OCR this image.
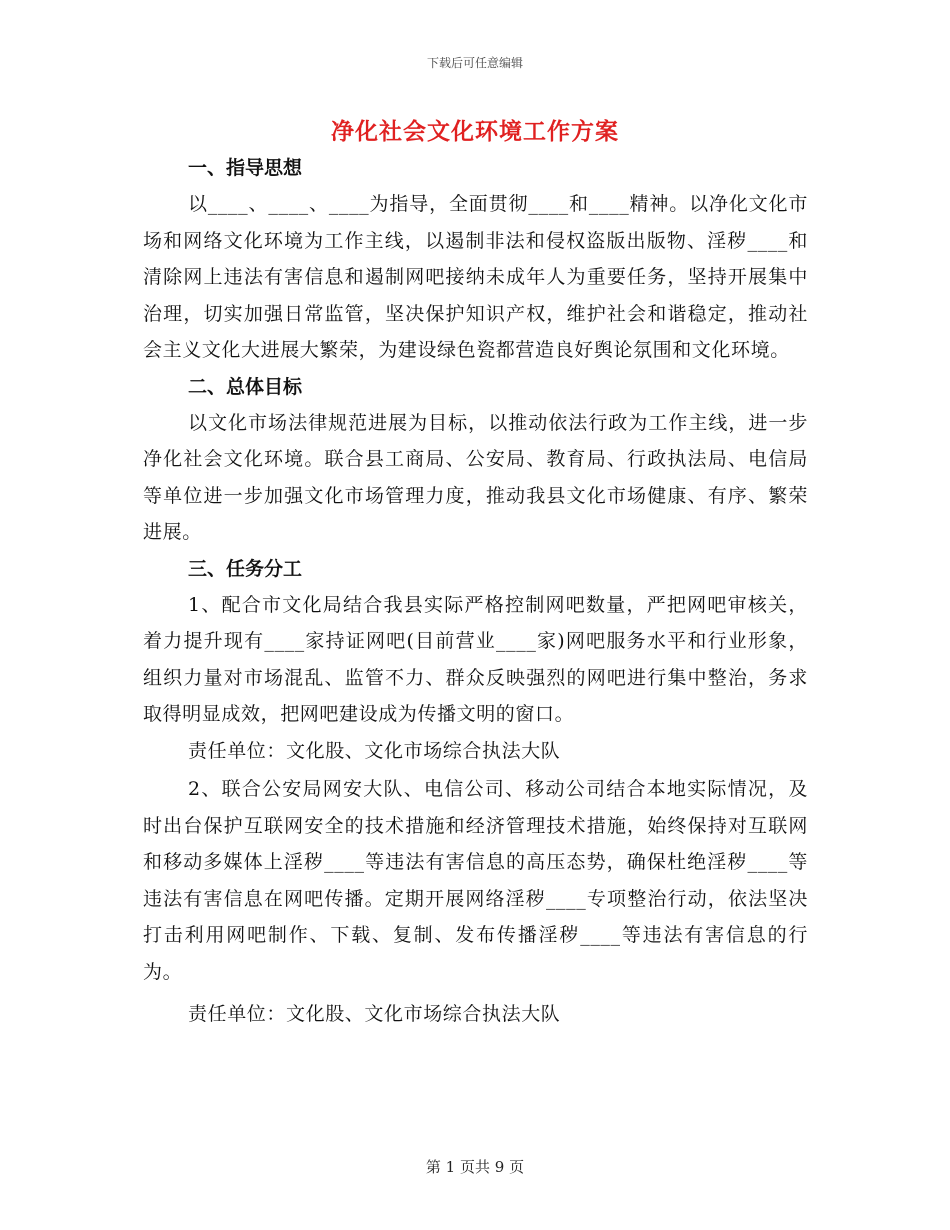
下载后可任意编辑
净化社会文化环境工作方案
一、指导思想

以____、____、____为指导，全面贯彻____和____精神。以净化文化市场和网络文化环境为工作主线，以遏制非法和侵权盗版出版物、淫秽____和清除网上违法有害信息和遏制网吧接纳未成年人为重要任务，坚持开展集中治理，切实加强日常监管，坚决保护知识产权，维护社会和谐稳定，推动社会主义文化大进展大繁荣，为建设绿色瓷都营造良好舆论氛围和文化环境。

二、总体目标

以文化市场法律规范进展为目标，以推动依法行政为工作主线，进一步净化社会文化环境。联合县工商局、公安局、教育局、行政执法局、电信局等单位进一步加强文化市场管理力度，推动我县文化市场健康、有序、繁荣进展。

三、任务分工

1、配合市文化局结合我县实际严格控制网吧数量，严把网吧审核关，着力提升现有____家持证网吧(目前营业____家)网吧服务水平和行业形象，组织力量对市场混乱、监管不力、群众反映强烈的网吧进行集中整治，务求取得明显成效，把网吧建设成为传播文明的窗口。

责任单位：文化股、文化市场综合执法大队

2、联合公安局网安大队、电信公司、移动公司结合本地实际情况，及时出台保护互联网安全的技术措施和经济管理技术措施，始终保持对互联网和移动多媒体上淫秽____等违法有害信息的高压态势，确保杜绝淫秽____等违法有害信息在网吧传播。定期开展网络淫秽____专项整治行动，依法坚决打击利用网吧制作、下载、复制、发布传播淫秽____等违法有害信息的行为。

责任单位：文化股、文化市场综合执法大队

第 1 页共 9 页
